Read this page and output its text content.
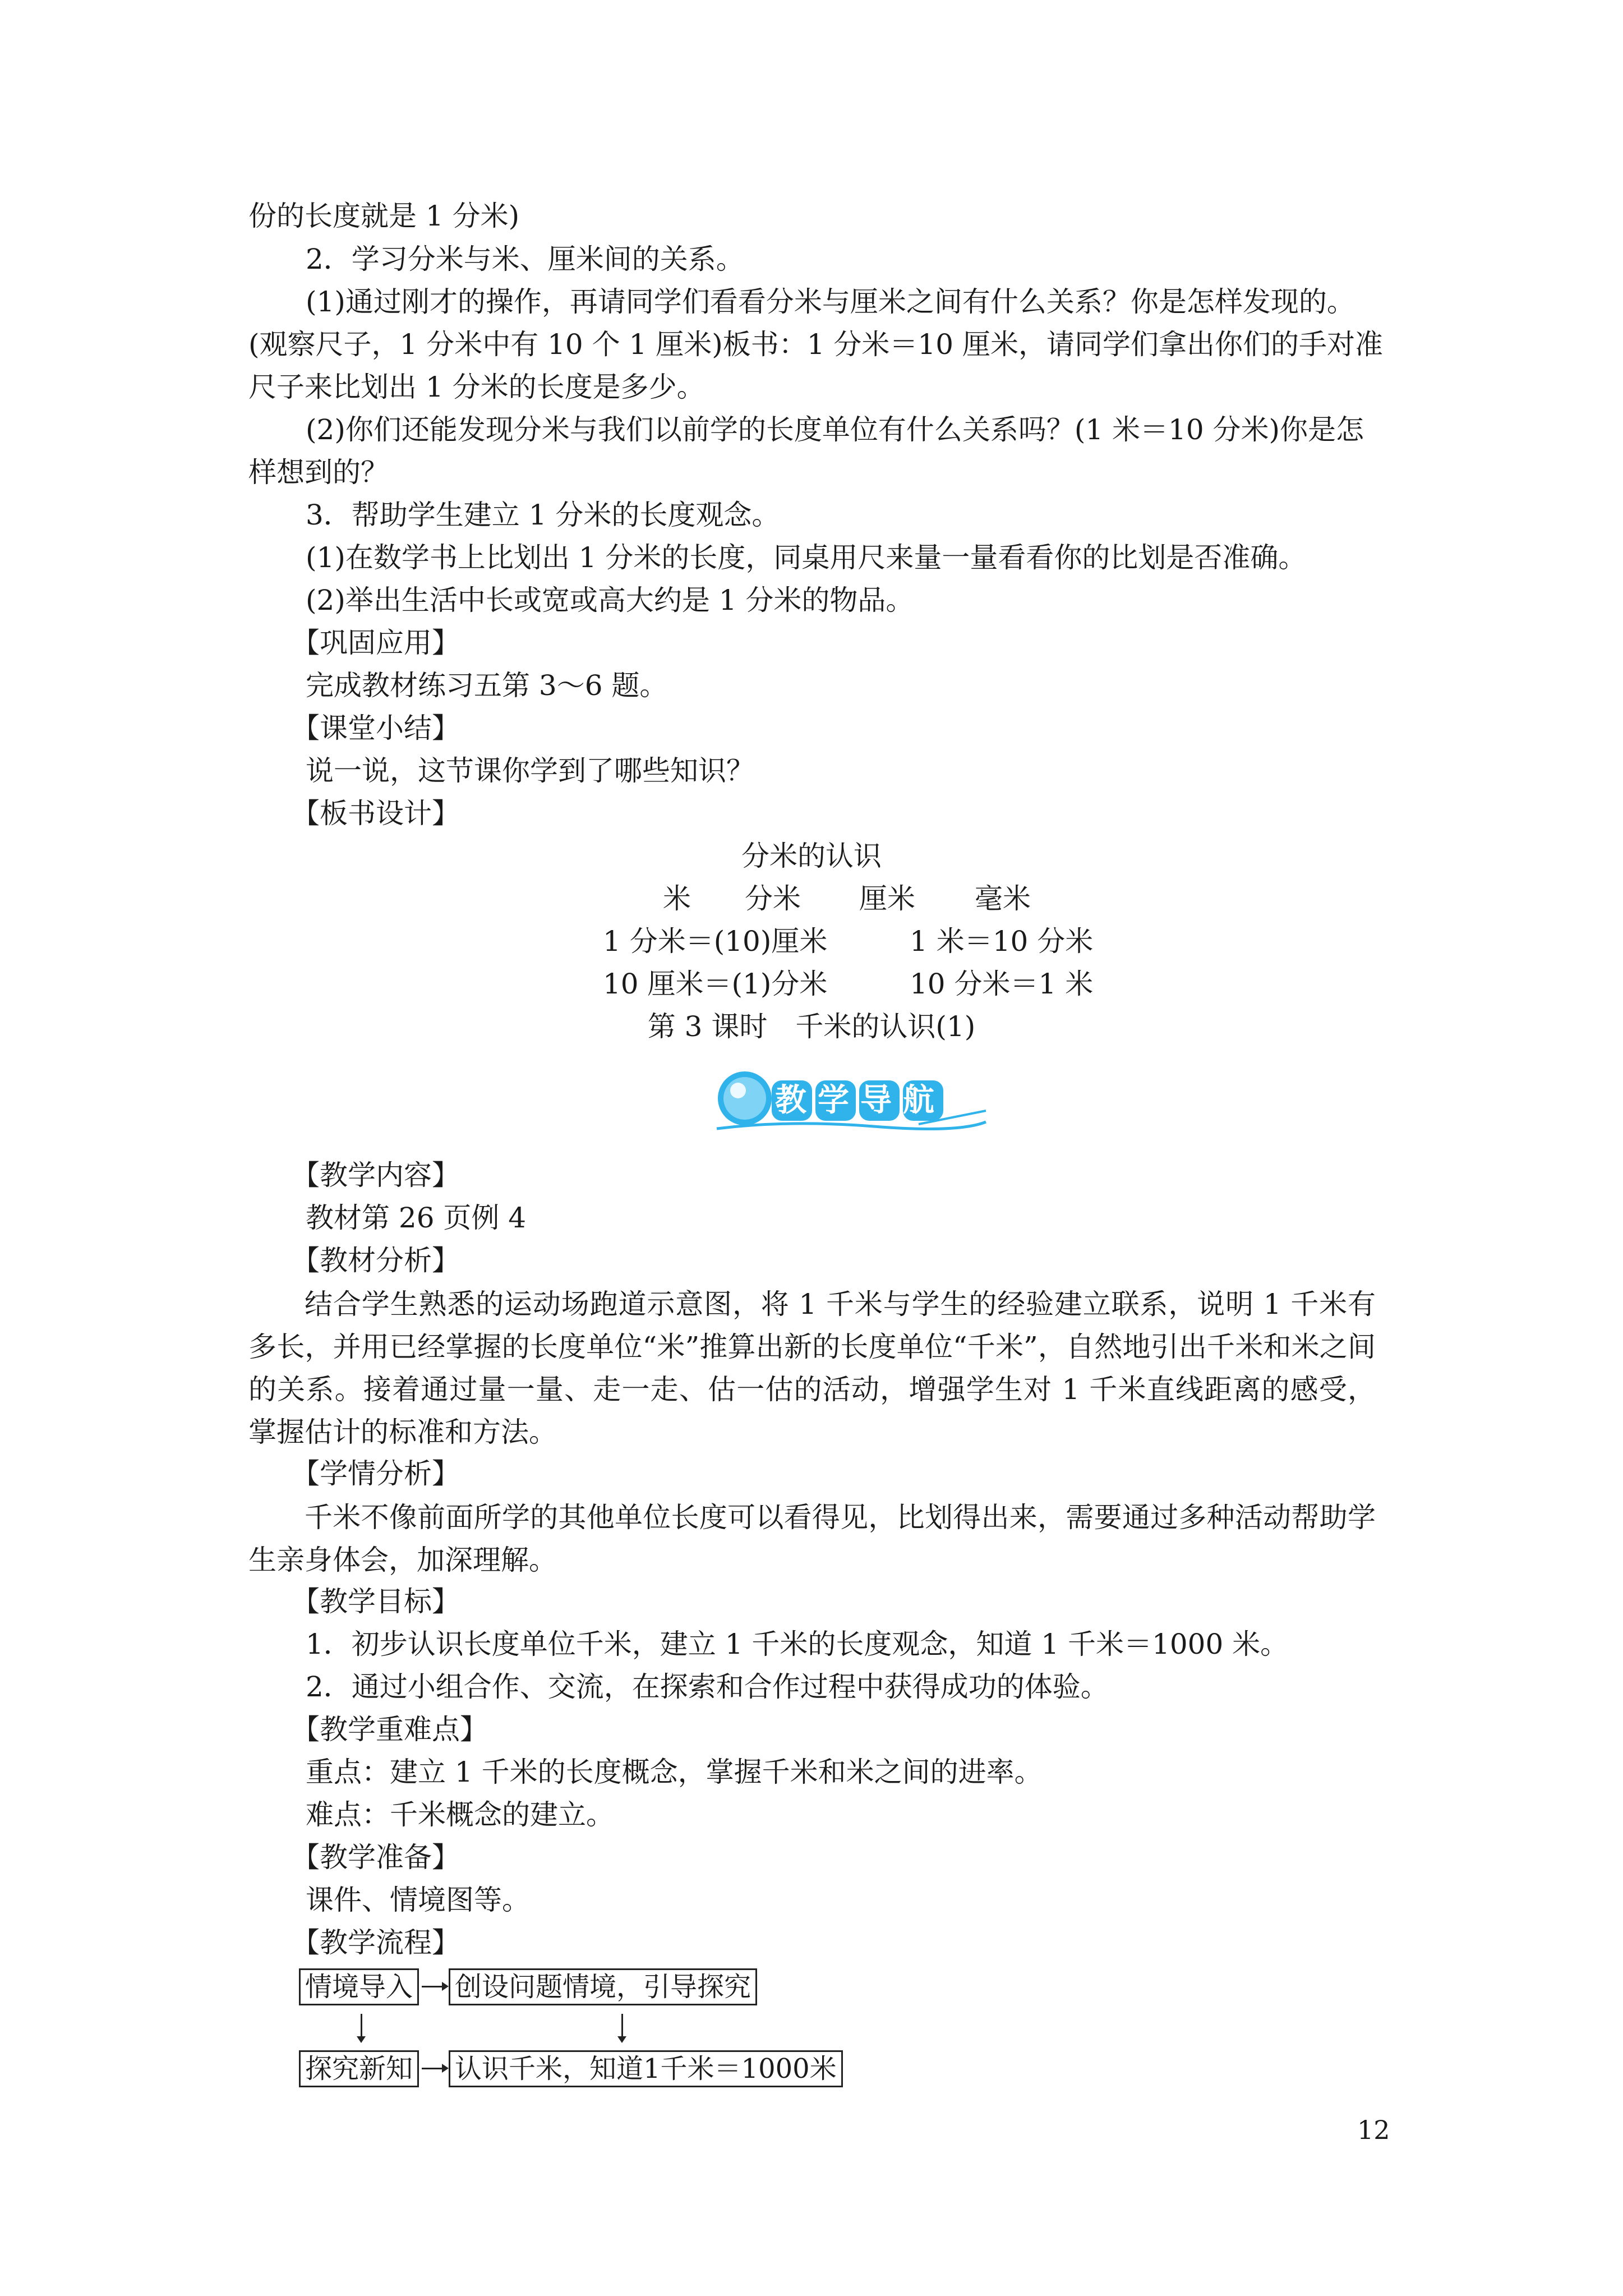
份的长度就是 1 分米)
2．学习分米与米、厘米间的关系。
(1)通过刚才的操作，再请同学们看看分米与厘米之间有什么关系？你是怎样发现的。
(观察尺子，1 分米中有 10 个 1 厘米)板书：1 分米＝10 厘米，请同学们拿出你们的手对准
尺子来比划出 1 分米的长度是多少。
(2)你们还能发现分米与我们以前学的长度单位有什么关系吗？(1 米＝10 分米)你是怎
样想到的？
3．帮助学生建立 1 分米的长度观念。
(1)在数学书上比划出 1 分米的长度，同桌用尺来量一量看看你的比划是否准确。
(2)举出生活中长或宽或高大约是 1 分米的物品。
【巩固应用】
完成教材练习五第 3～6 题。
【课堂小结】
说一说，这节课你学到了哪些知识？
【板书设计】
分米的认识
米 分米 厘米 毫米
1 分米＝(10)厘米	1 米＝10 分米
10 厘米＝(1)分米	10 分米＝1 米
第 3 课时　千米的认识(1)
教学导航
【教学内容】
教材第 26 页例 4
【教材分析】
结合学生熟悉的运动场跑道示意图，将 1 千米与学生的经验建立联系，说明 1 千米有多长，并用已经掌握的长度单位“米”推算出新的长度单位“千米”，自然地引出千米和米之间的关系。接着通过量一量、走一走、估一估的活动，增强学生对 1 千米直线距离的感受，掌握估计的标准和方法。
【学情分析】
千米不像前面所学的其他单位长度可以看得见，比划得出来，需要通过多种活动帮助学生亲身体会，加深理解。
【教学目标】
1．初步认识长度单位千米，建立 1 千米的长度观念，知道 1 千米＝1000 米。
2．通过小组合作、交流，在探索和合作过程中获得成功的体验。
【教学重难点】
重点：建立 1 千米的长度概念，掌握千米和米之间的进率。
难点：千米概念的建立。
【教学准备】
课件、情境图等。
【教学流程】
情境导入 创设问题情境，引导探究
探究新知 认识千米，知道1千米＝1000米
12
